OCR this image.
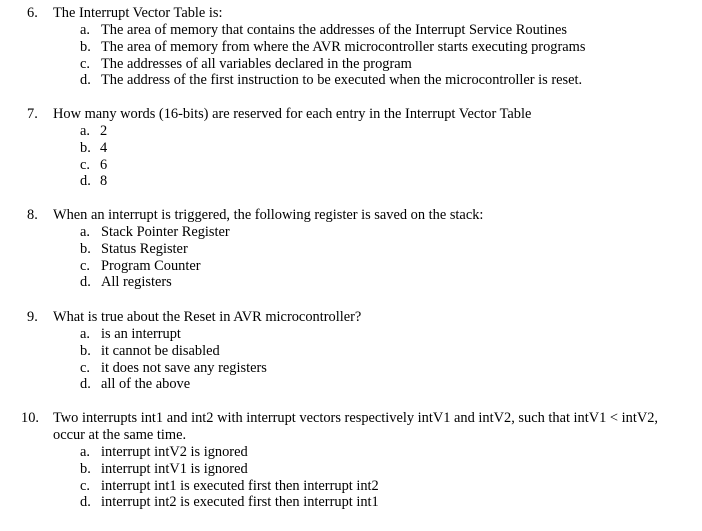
6. The Interrupt Vector Table is:
a. The area of memory that contains the addresses of the Interrupt Service Routines
b. The area of memory from where the AVR microcontroller starts executing programs
c. The addresses of all variables declared in the program
d. The address of the first instruction to be executed when the microcontroller is reset.
7. How many words (16-bits) are reserved for each entry in the Interrupt Vector Table
a. 2
b. 4
c. 6
d. 8
8. When an interrupt is triggered, the following register is saved on the stack:
a. Stack Pointer Register
b. Status Register
c. Program Counter
d. All registers
9. What is true about the Reset in AVR microcontroller?
a. is an interrupt
b. it cannot be disabled
c. it does not save any registers
d. all of the above
10. Two interrupts int1 and int2 with interrupt vectors respectively intV1 and intV2, such that intV1 < intV2,
occur at the same time.
a. interrupt intV2 is ignored
b. interrupt intV1 is ignored
c. interrupt int1 is executed first then interrupt int2
d. interrupt int2 is executed first then interrupt int1
